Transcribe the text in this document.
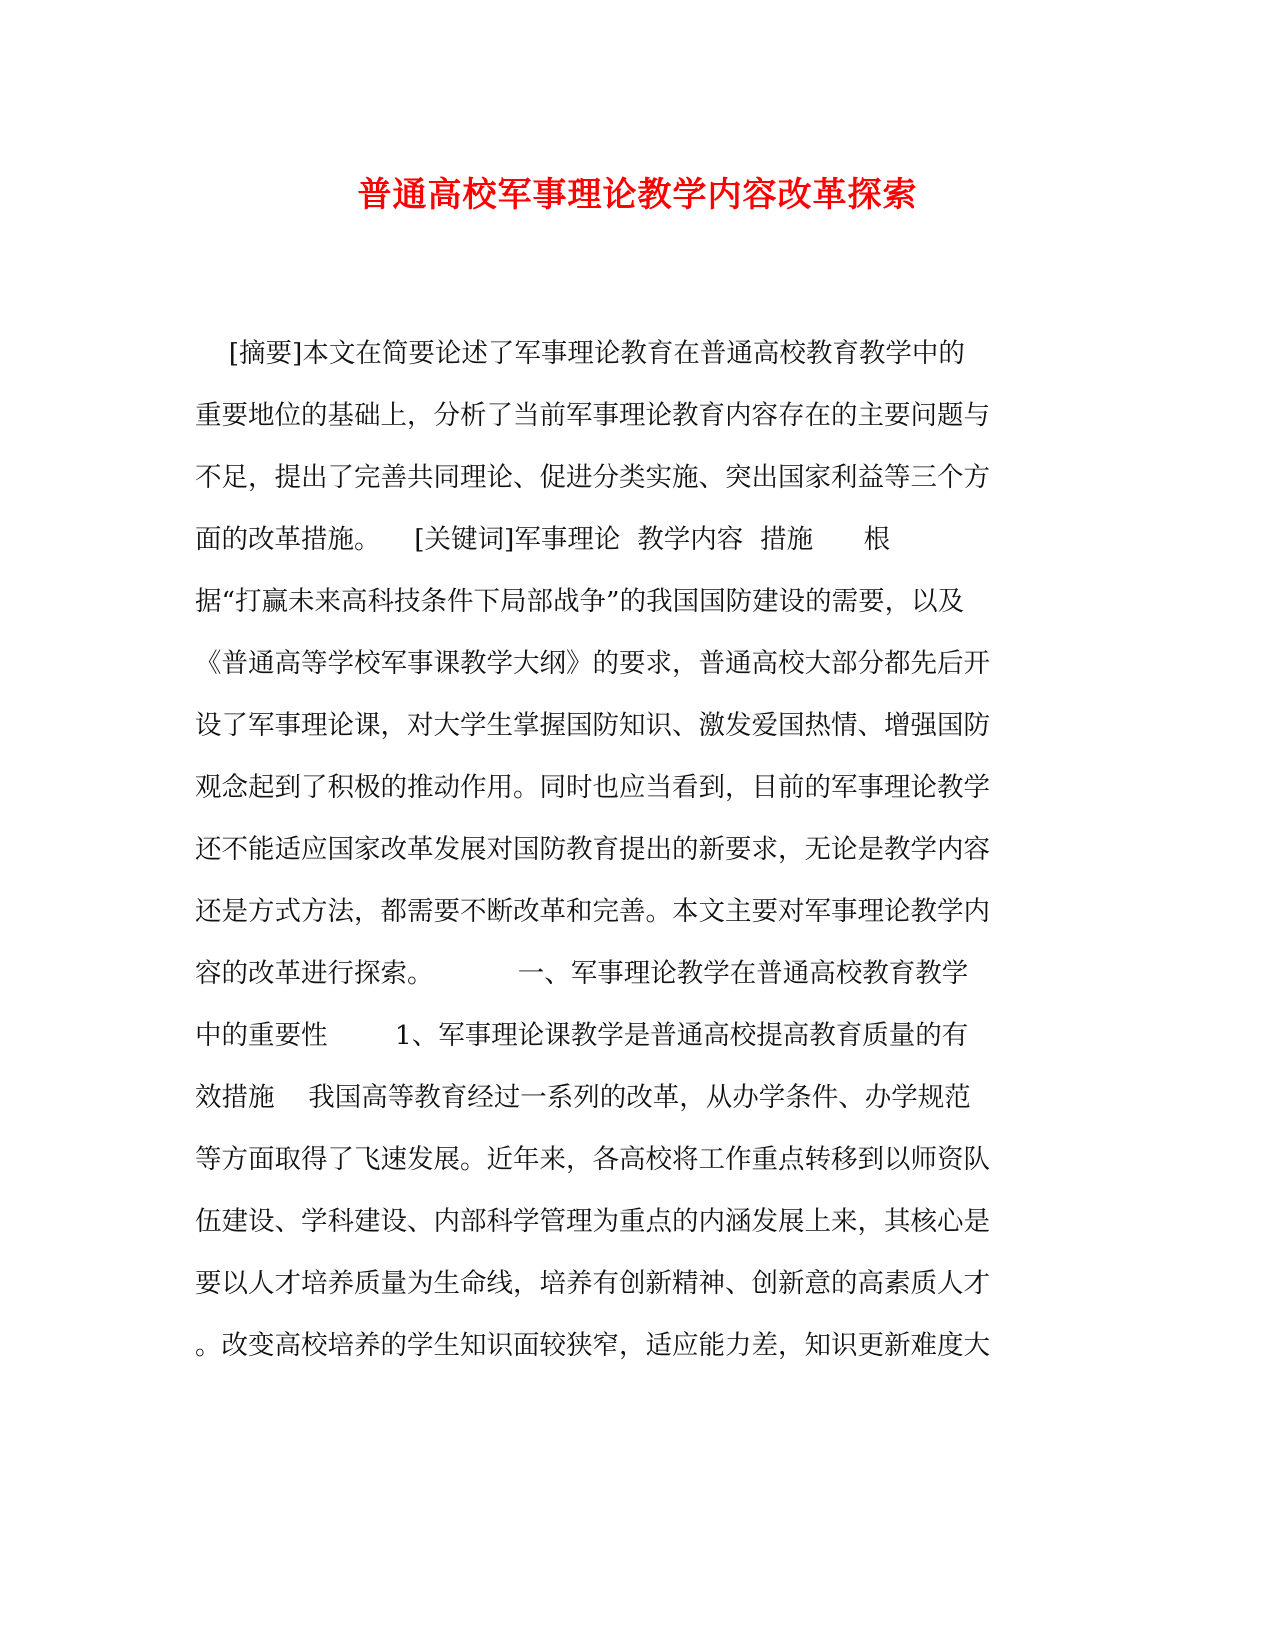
普通高校军事理论教学内容改革探索
[摘要]本文在简要论述了军事理论教育在普通高校教育教学中的
重要地位的基础上，分析了当前军事理论教育内容存在的主要问题与
不足，提出了完善共同理论、促进分类实施、突出国家利益等三个方
面的改革措施。    [关键词]军事理论  教学内容  措施      根
据“打赢未来高科技条件下局部战争”的我国国防建设的需要，以及
《普通高等学校军事课教学大纲》的要求，普通高校大部分都先后开
设了军事理论课，对大学生掌握国防知识、激发爱国热情、增强国防
观念起到了积极的推动作用。同时也应当看到，目前的军事理论教学
还不能适应国家改革发展对国防教育提出的新要求，无论是教学内容
还是方式方法，都需要不断改革和完善。本文主要对军事理论教学内
容的改革进行探索。          一、军事理论教学在普通高校教育教学
中的重要性        1、军事理论课教学是普通高校提高教育质量的有
效措施    我国高等教育经过一系列的改革，从办学条件、办学规范
等方面取得了飞速发展。近年来，各高校将工作重点转移到以师资队
伍建设、学科建设、内部科学管理为重点的内涵发展上来，其核心是
要以人才培养质量为生命线，培养有创新精神、创新意的高素质人才
。改变高校培养的学生知识面较狭窄，适应能力差，知识更新难度大
